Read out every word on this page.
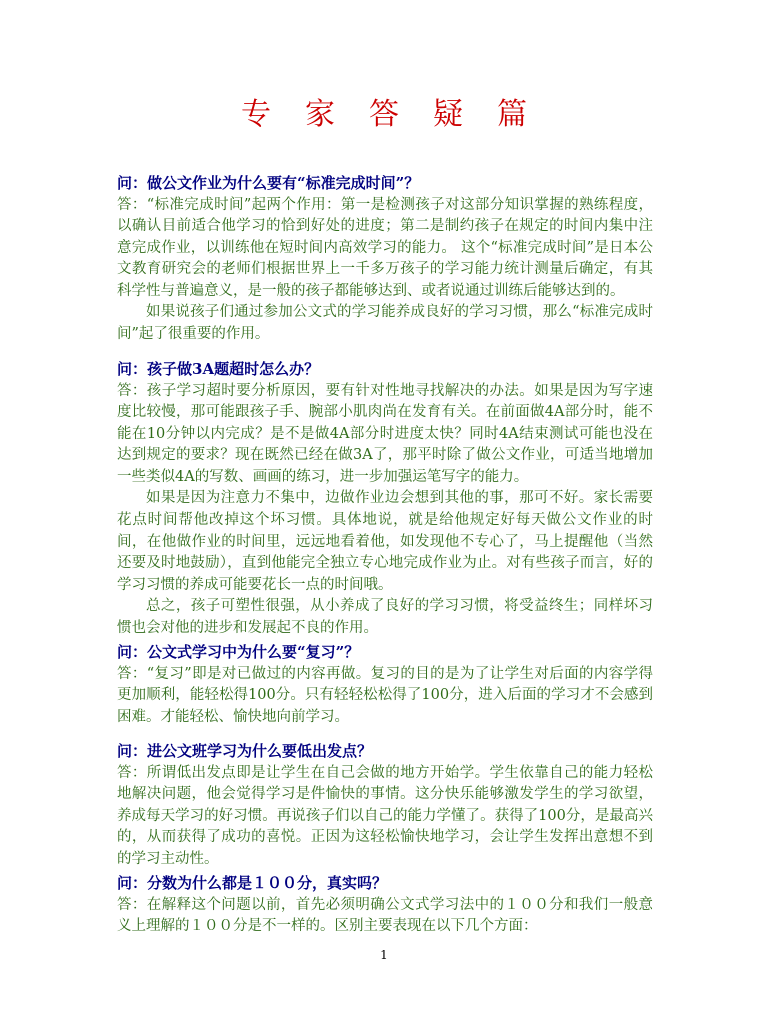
专家答疑篇
问：做公文作业为什么要有“标准完成时间”？

答：“标准完成时间”起两个作用：第一是检测孩子对这部分知识掌握的熟练程度，以确认目前适合他学习的恰到好处的进度；第二是制约孩子在规定的时间内集中注意完成作业，以训练他在短时间内高效学习的能力。 这个“标准完成时间”是日本公文教育研究会的老师们根据世界上一千多万孩子的学习能力统计测量后确定，有其科学性与普遍意义，是一般的孩子都能够达到、或者说通过训练后能够达到的。

如果说孩子们通过参加公文式的学习能养成良好的学习习惯，那么“标准完成时间”起了很重要的作用。

问：孩子做3A题超时怎么办？

答：孩子学习超时要分析原因，要有针对性地寻找解决的办法。如果是因为写字速度比较慢，那可能跟孩子手、腕部小肌肉尚在发育有关。在前面做4A部分时，能不能在10分钟以内完成？是不是做4A部分时进度太快？同时4A结束测试可能也没在达到规定的要求？现在既然已经在做3A了，那平时除了做公文作业，可适当地增加一些类似4A的写数、画画的练习，进一步加强运笔写字的能力。

如果是因为注意力不集中，边做作业边会想到其他的事，那可不好。家长需要花点时间帮他改掉这个坏习惯。具体地说，就是给他规定好每天做公文作业的时间，在他做作业的时间里，远远地看着他，如发现他不专心了，马上提醒他（当然还要及时地鼓励），直到他能完全独立专心地完成作业为止。对有些孩子而言，好的学习习惯的养成可能要花长一点的时间哦。

总之，孩子可塑性很强，从小养成了良好的学习习惯，将受益终生；同样坏习惯也会对他的进步和发展起不良的作用。

问：公文式学习中为什么要“复习”？

答：“复习”即是对已做过的内容再做。复习的目的是为了让学生对后面的内容学得更加顺利，能轻松得100分。只有轻轻松松得了100分，进入后面的学习才不会感到困难。才能轻松、愉快地向前学习。

问：进公文班学习为什么要低出发点？

答：所谓低出发点即是让学生在自己会做的地方开始学。学生依靠自己的能力轻松地解决问题，他会觉得学习是件愉快的事情。这分快乐能够激发学生的学习欲望，养成每天学习的好习惯。再说孩子们以自己的能力学懂了。获得了100分，是最高兴的，从而获得了成功的喜悦。正因为这轻松愉快地学习，会让学生发挥出意想不到的学习主动性。

问：分数为什么都是１００分，真实吗？

答：在解释这个问题以前，首先必须明确公文式学习法中的１００分和我们一般意义上理解的１００分是不一样的。区别主要表现在以下几个方面：

1
